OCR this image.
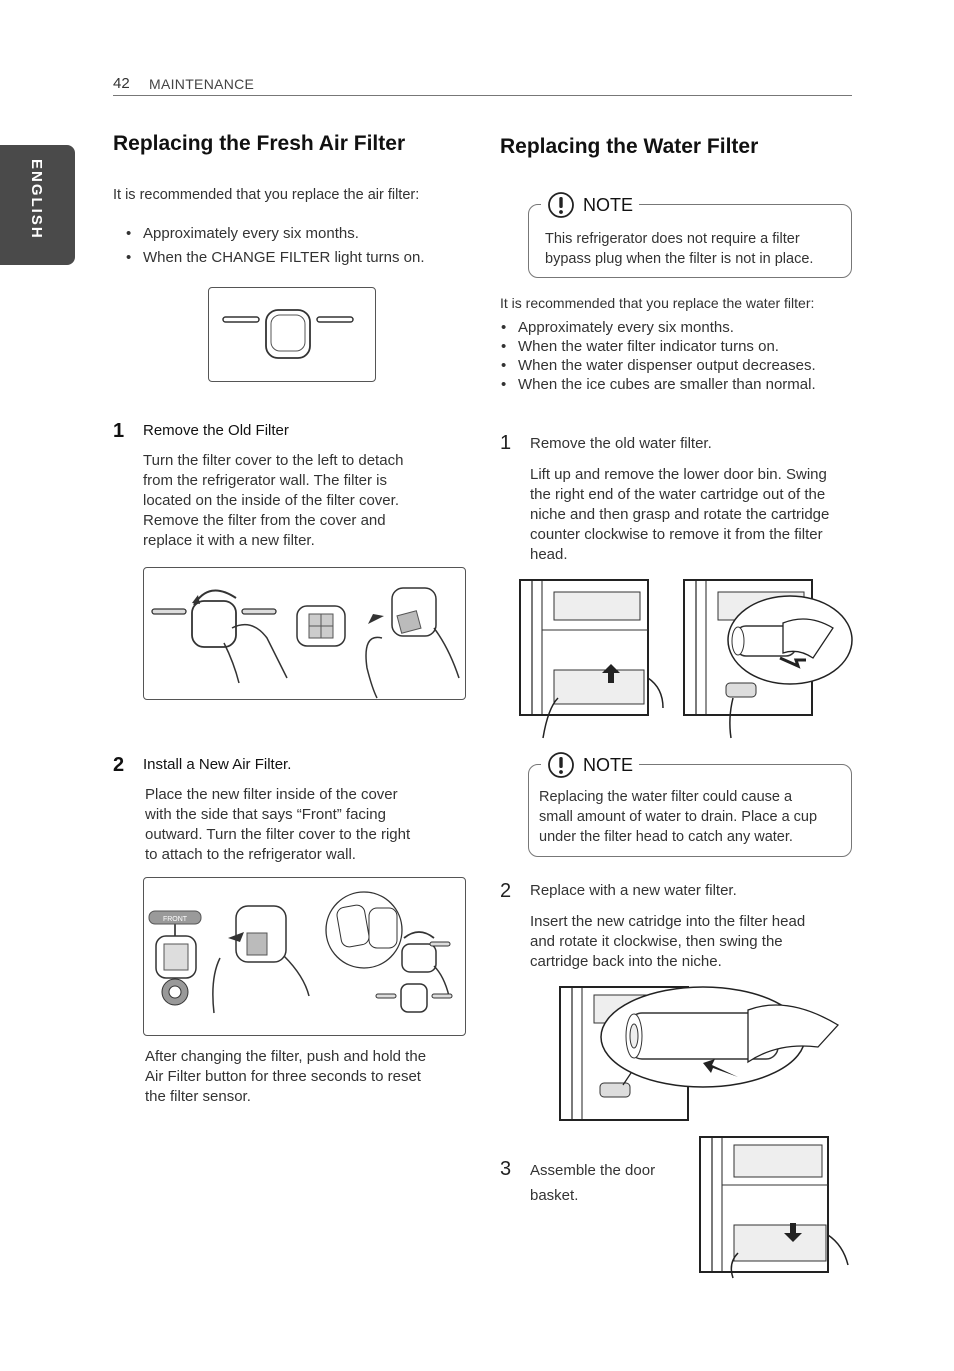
42 MAINTENANCE
ENGLISH
Replacing the Fresh Air Filter
It is recommended that you replace the air filter:
• Approximately every six months.
• When the CHANGE FILTER light turns on.
1 Remove the Old Filter
Turn the filter cover to the left to detach
from the refrigerator wall. The filter is
located on the inside of the filter cover.
Remove the filter from the cover and
replace it with a new filter.
2 Install a New Air Filter.
Place the new filter inside of the cover
with the side that says “Front” facing
outward. Turn the filter cover to the right
to attach to the refrigerator wall.
FRONT
After changing the filter, push and hold the
Air Filter button for three seconds to reset
the filter sensor.
Replacing the Water Filter
NOTE
This refrigerator does not require a filter
bypass plug when the filter is not in place.
It is recommended that you replace the water filter:
• Approximately every six months.
• When the water filter indicator turns on.
• When the water dispenser output decreases.
• When the ice cubes are smaller than normal.
1 Remove the old water filter.
Lift up and remove the lower door bin. Swing
the right end of the water cartridge out of the
niche and then grasp and rotate the cartridge
counter clockwise to remove it from the filter
head.
NOTE
Replacing the water filter could cause a
small amount of water to drain. Place a cup
under the filter head to catch any water.
2 Replace with a new water filter.
Insert the new catridge into the filter head
and rotate it clockwise, then swing the
cartridge back into the niche.
3 Assemble the door
basket.
